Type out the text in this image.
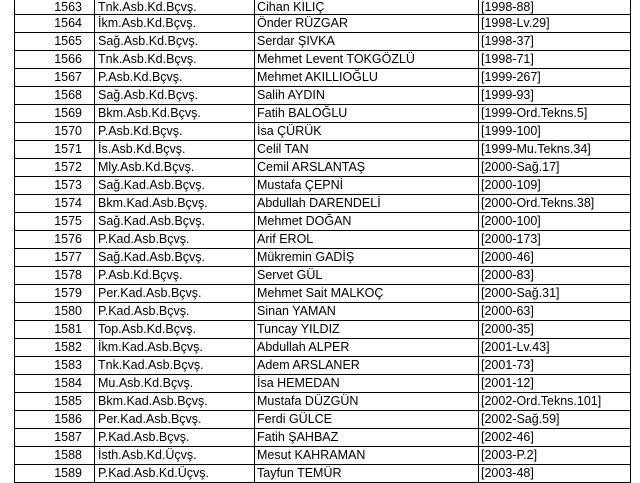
1563	Tnk.Asb.Kd.Bçvş.	Cihan KILIÇ	[1998-88]
1564	İkm.Asb.Kd.Bçvş.	Önder RÜZGAR	[1998-Lv.29]
1565	Sağ.Asb.Kd.Bçvş.	Serdar ŞIVKA	[1998-37]
1566	Tnk.Asb.Kd.Bçvş.	Mehmet Levent TOKGÖZLÜ	[1998-71]
1567	P.Asb.Kd.Bçvş.	Mehmet AKILLIOĞLU	[1999-267]
1568	Sağ.Asb.Kd.Bçvş.	Salih AYDIN	[1999-93]
1569	Bkm.Asb.Kd.Bçvş.	Fatih BALOĞLU	[1999-Ord.Tekns.5]
1570	P.Asb.Kd.Bçvş.	İsa ÇÜRÜK	[1999-100]
1571	İs.Asb.Kd.Bçvş.	Celil TAN	[1999-Mu.Tekns.34]
1572	Mly.Asb.Kd.Bçvş.	Cemil ARSLANTAŞ	[2000-Sağ.17]
1573	Sağ.Kad.Asb.Bçvş.	Mustafa ÇEPNİ	[2000-109]
1574	Bkm.Kad.Asb.Bçvş.	Abdullah DARENDELİ	[2000-Ord.Tekns.38]
1575	Sağ.Kad.Asb.Bçvş.	Mehmet DOĞAN	[2000-100]
1576	P.Kad.Asb.Bçvş.	Arif EROL	[2000-173]
1577	Sağ.Kad.Asb.Bçvş.	Mükremin GADİŞ	[2000-46]
1578	P.Asb.Kd.Bçvş.	Servet GÜL	[2000-83]
1579	Per.Kad.Asb.Bçvş.	Mehmet Sait MALKOÇ	[2000-Sağ.31]
1580	P.Kad.Asb.Bçvş.	Sinan YAMAN	[2000-63]
1581	Top.Asb.Kd.Bçvş.	Tuncay YILDIZ	[2000-35]
1582	İkm.Kad.Asb.Bçvş.	Abdullah ALPER	[2001-Lv.43]
1583	Tnk.Kad.Asb.Bçvş.	Adem ARSLANER	[2001-73]
1584	Mu.Asb.Kd.Bçvş.	İsa HEMEDAN	[2001-12]
1585	Bkm.Kad.Asb.Bçvş.	Mustafa DÜZGÜN	[2002-Ord.Tekns.101]
1586	Per.Kad.Asb.Bçvş.	Ferdi GÜLCE	[2002-Sağ.59]
1587	P.Kad.Asb.Bçvş.	Fatih ŞAHBAZ	[2002-46]
1588	İsth.Asb.Kd.Üçvş.	Mesut KAHRAMAN	[2003-P.2]
1589	P.Kad.Asb.Kd.Üçvş.	Tayfun TEMÜR	[2003-48]
